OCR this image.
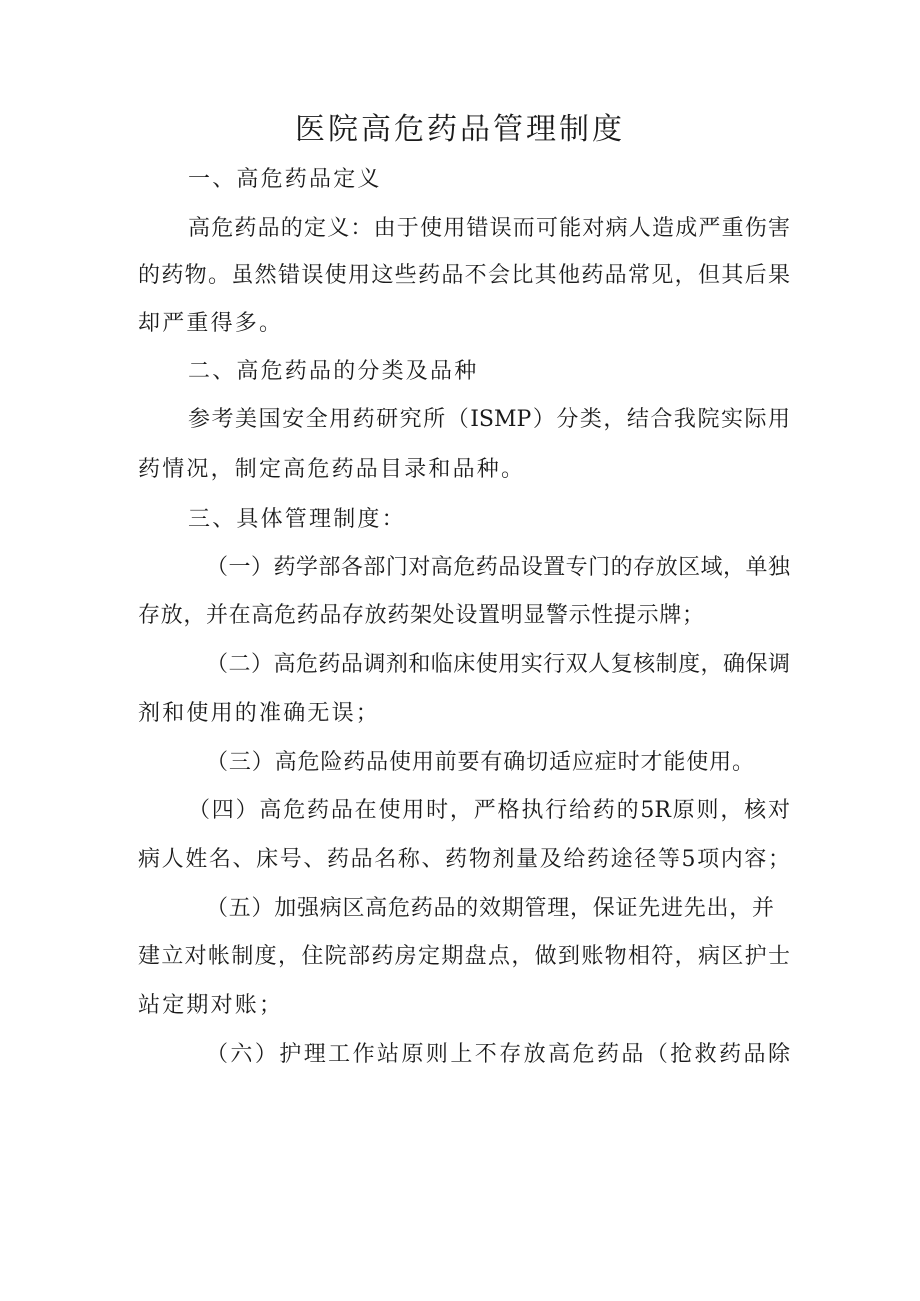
医院高危药品管理制度
一、高危药品定义
高危药品的定义：由于使用错误而可能对病人造成严重伤害
的药物。虽然错误使用这些药品不会比其他药品常见，但其后果
却严重得多。
二、高危药品的分类及品种
参考美国安全用药研究所（ISMP）分类，结合我院实际用
药情况，制定高危药品目录和品种。
三、具体管理制度：
（一）药学部各部门对高危药品设置专门的存放区域，单独
存放，并在高危药品存放药架处设置明显警示性提示牌；
（二）高危药品调剂和临床使用实行双人复核制度，确保调
剂和使用的准确无误；
（三）高危险药品使用前要有确切适应症时才能使用。
（四）高危药品在使用时，严格执行给药的5R原则，核对
病人姓名、床号、药品名称、药物剂量及给药途径等5项内容；
（五）加强病区高危药品的效期管理，保证先进先出，并
建立对帐制度，住院部药房定期盘点，做到账物相符，病区护士
站定期对账；
（六）护理工作站原则上不存放高危药品（抢救药品除
